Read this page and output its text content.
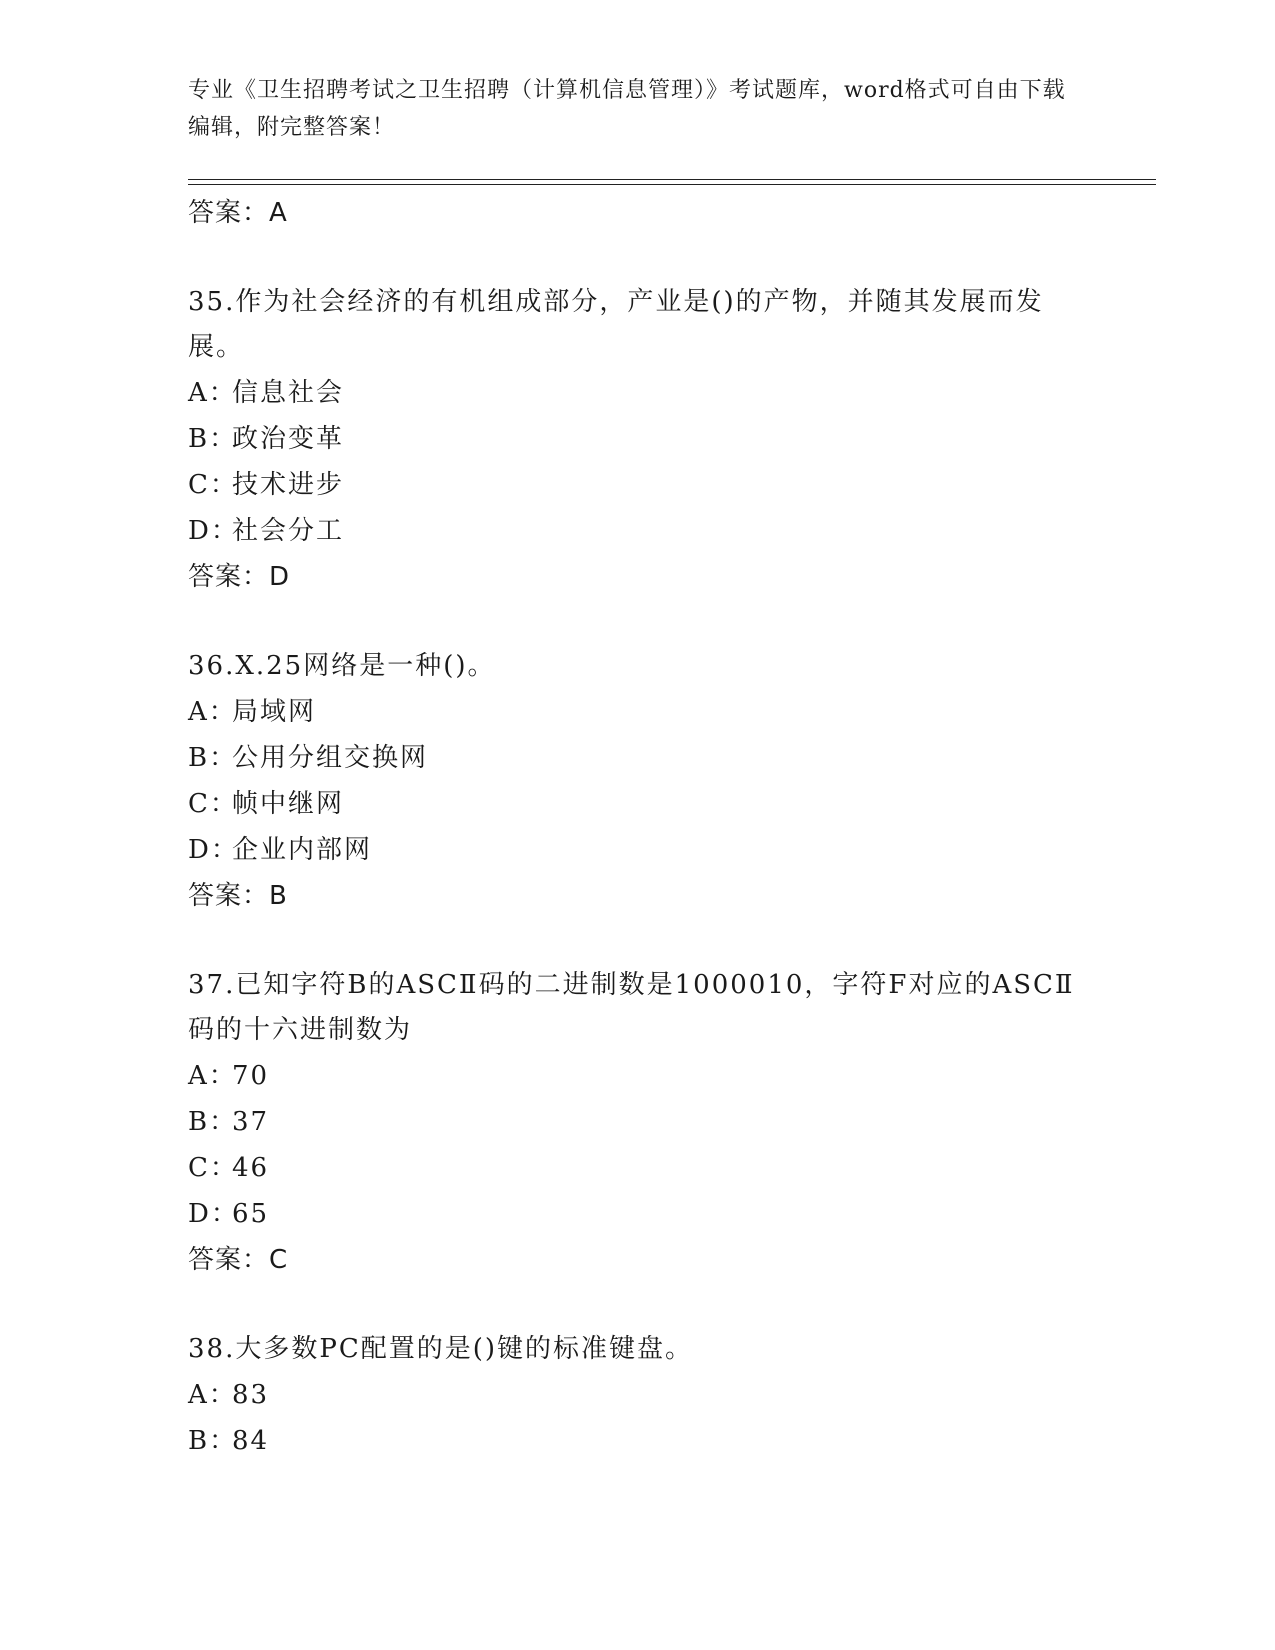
专业《卫生招聘考试之卫生招聘（计算机信息管理）》考试题库，word格式可自由下载编辑，附完整答案！
答案：A
35.作为社会经济的有机组成部分，产业是()的产物，并随其发展而发展。
A：信息社会
B：政治变革
C：技术进步
D：社会分工
答案：D
36.X.25网络是一种()。
A：局域网
B：公用分组交换网
C：帧中继网
D：企业内部网
答案：B
37.已知字符B的ASCⅡ码的二进制数是1000010，字符F对应的ASCⅡ码的十六进制数为
A：70
B：37
C：46
D：65
答案：C
38.大多数PC配置的是()键的标准键盘。
A：83
B：84
